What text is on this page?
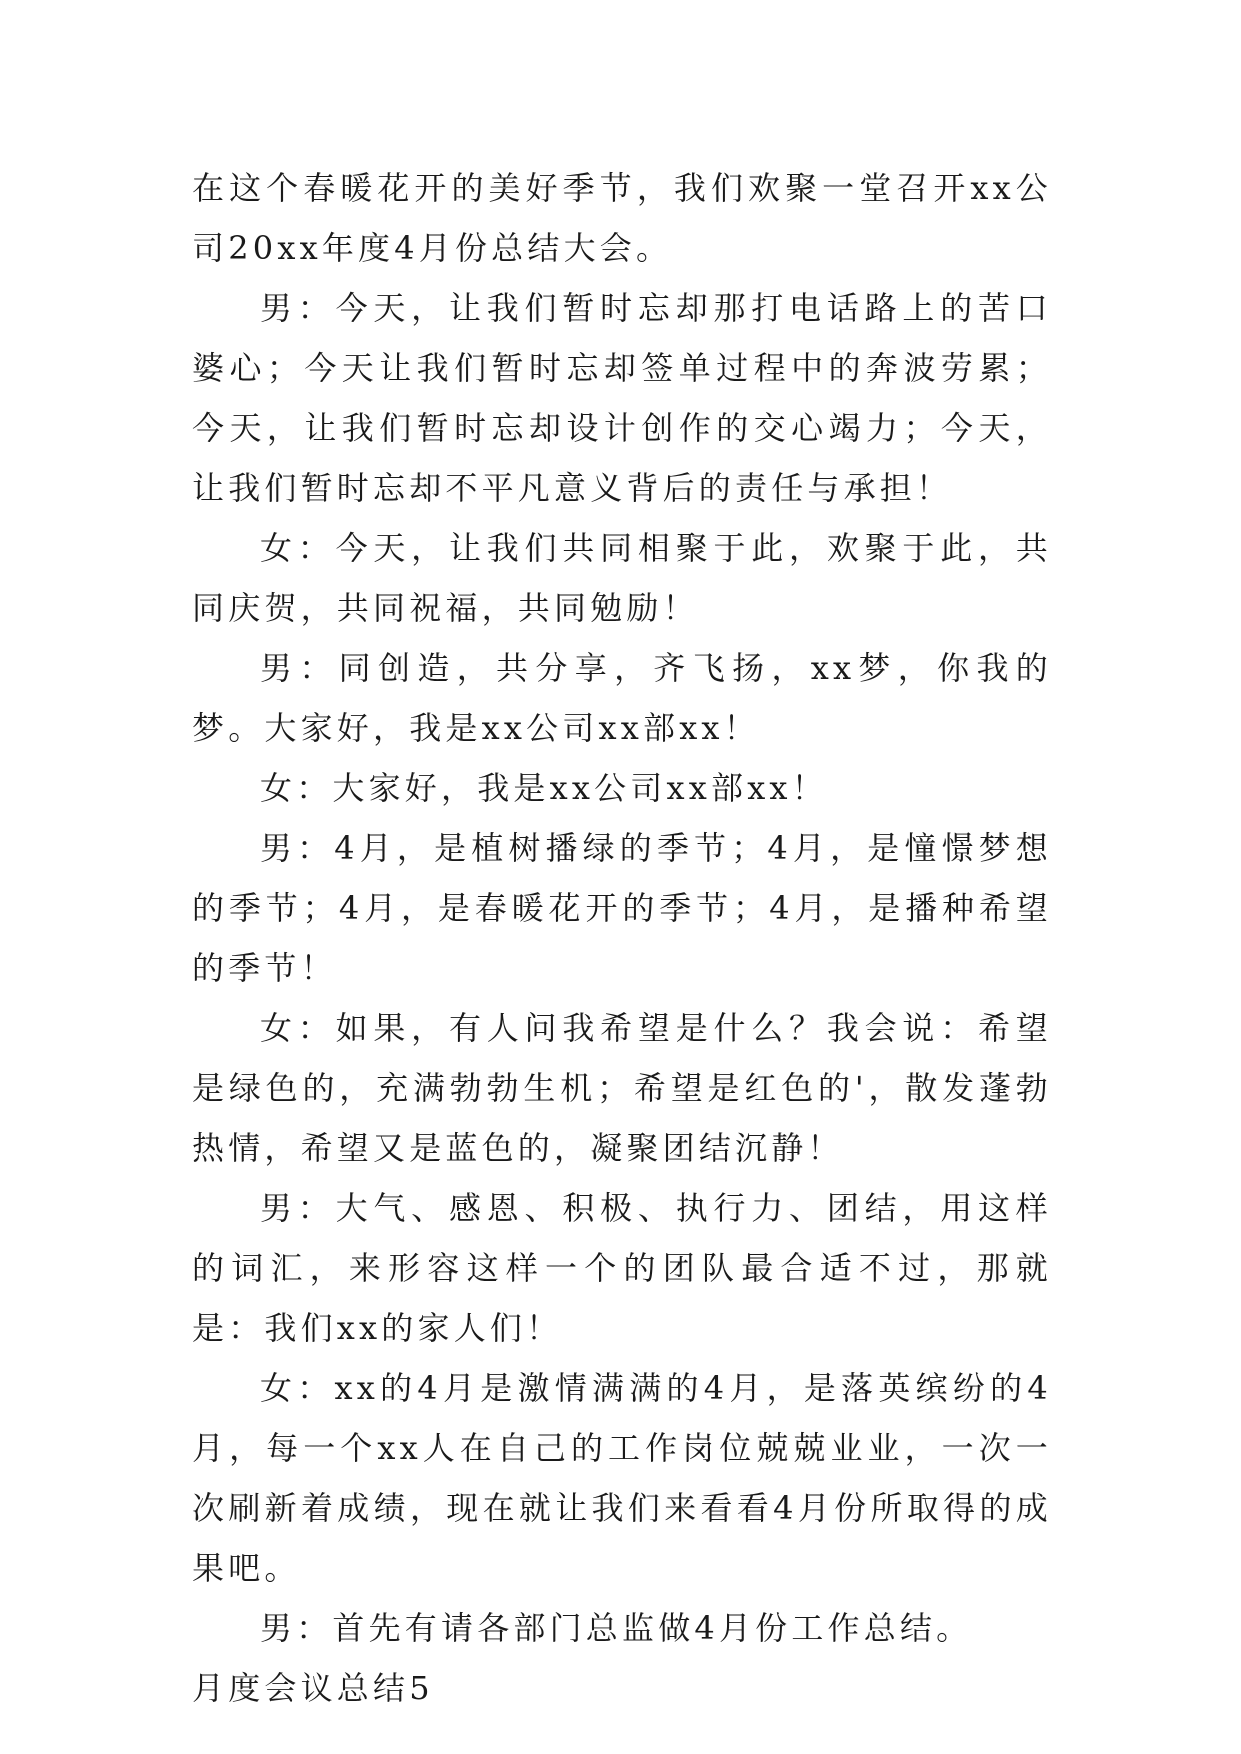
在这个春暖花开的美好季节，我们欢聚一堂召开xx公司20xx年度4月份总结大会。

男：今天，让我们暂时忘却那打电话路上的苦口婆心；今天让我们暂时忘却签单过程中的奔波劳累；今天，让我们暂时忘却设计创作的交心竭力；今天，让我们暂时忘却不平凡意义背后的责任与承担！

女：今天，让我们共同相聚于此，欢聚于此，共同庆贺，共同祝福，共同勉励！

男：同创造，共分享，齐飞扬，xx梦，你我的梦。大家好，我是xx公司xx部xx！

女：大家好，我是xx公司xx部xx！

男：4月，是植树播绿的季节；4月，是憧憬梦想的季节；4月，是春暖花开的季节；4月，是播种希望的季节！

女：如果，有人问我希望是什么？我会说：希望是绿色的，充满勃勃生机；希望是红色的'，散发蓬勃热情，希望又是蓝色的，凝聚团结沉静！

男：大气、感恩、积极、执行力、团结，用这样的词汇，来形容这样一个的团队最合适不过，那就是：我们xx的家人们！

女：xx的4月是激情满满的4月，是落英缤纷的4月，每一个xx人在自己的工作岗位兢兢业业，一次一次刷新着成绩，现在就让我们来看看4月份所取得的成果吧。

男：首先有请各部门总监做4月份工作总结。

月度会议总结5
